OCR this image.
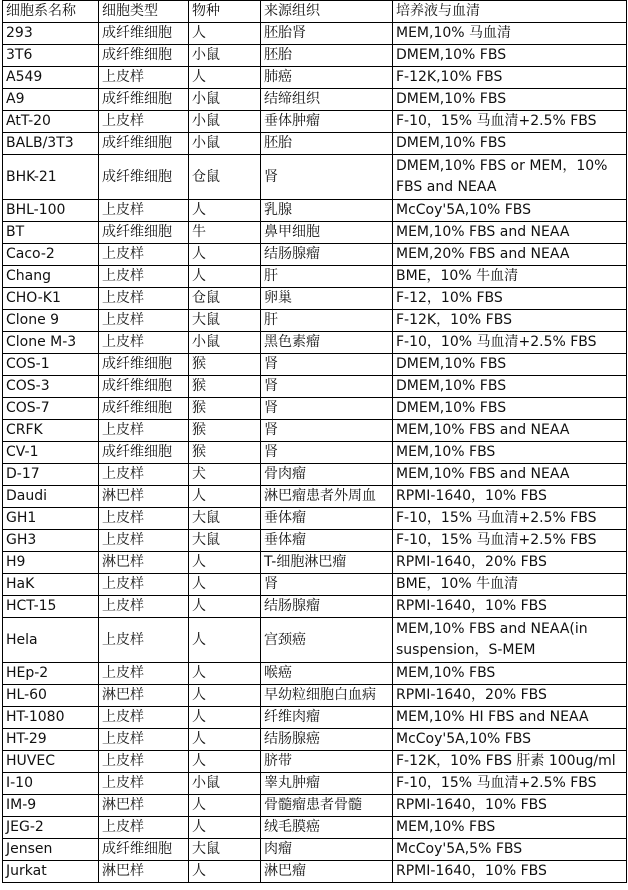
细胞系名称	细胞类型	物种	来源组织	培养液与血清
293	成纤维细胞	人	胚胎肾	MEM,10% 马血清
3T6	成纤维细胞	小鼠	胚胎	DMEM,10% FBS
A549	上皮样	人	肺癌	F-12K,10% FBS
A9	成纤维细胞	小鼠	结缔组织	DMEM,10% FBS
AtT-20	上皮样	小鼠	垂体肿瘤	F-10，15% 马血清+2.5% FBS
BALB/3T3	成纤维细胞	小鼠	胚胎	DMEM,10% FBS
BHK-21	成纤维细胞	仓鼠	肾	DMEM,10% FBS or MEM，10% FBS and NEAA
BHL-100	上皮样	人	乳腺	McCoy'5A,10% FBS
BT	成纤维细胞	牛	鼻甲细胞	MEM,10% FBS and NEAA
Caco-2	上皮样	人	结肠腺瘤	MEM,20% FBS and NEAA
Chang	上皮样	人	肝	BME，10% 牛血清
CHO-K1	上皮样	仓鼠	卵巢	F-12，10% FBS
Clone 9	上皮样	大鼠	肝	F-12K，10% FBS
Clone M-3	上皮样	小鼠	黑色素瘤	F-10，10% 马血清+2.5% FBS
COS-1	成纤维细胞	猴	肾	DMEM,10% FBS
COS-3	成纤维细胞	猴	肾	DMEM,10% FBS
COS-7	成纤维细胞	猴	肾	DMEM,10% FBS
CRFK	上皮样	猴	肾	MEM,10% FBS and NEAA
CV-1	成纤维细胞	猴	肾	MEM,10% FBS
D-17	上皮样	犬	骨肉瘤	MEM,10% FBS and NEAA
Daudi	淋巴样	人	淋巴瘤患者外周血	RPMI-1640，10% FBS
GH1	上皮样	大鼠	垂体瘤	F-10，15% 马血清+2.5% FBS
GH3	上皮样	大鼠	垂体瘤	F-10，15% 马血清+2.5% FBS
H9	淋巴样	人	T-细胞淋巴瘤	RPMI-1640，20% FBS
HaK	上皮样	人	肾	BME，10% 牛血清
HCT-15	上皮样	人	结肠腺瘤	RPMI-1640，10% FBS
Hela	上皮样	人	宫颈癌	MEM,10% FBS and NEAA(in suspension，S-MEM
HEp-2	上皮样	人	喉癌	MEM,10% FBS
HL-60	淋巴样	人	早幼粒细胞白血病	RPMI-1640，20% FBS
HT-1080	上皮样	人	纤维肉瘤	MEM,10% HI FBS and NEAA
HT-29	上皮样	人	结肠腺癌	McCoy'5A,10% FBS
HUVEC	上皮样	人	脐带	F-12K，10% FBS 肝素 100ug/ml
I-10	上皮样	小鼠	睾丸肿瘤	F-10，15% 马血清+2.5% FBS
IM-9	淋巴样	人	骨髓瘤患者骨髓	RPMI-1640，10% FBS
JEG-2	上皮样	人	绒毛膜癌	MEM,10% FBS
Jensen	成纤维细胞	大鼠	肉瘤	McCoy'5A,5% FBS
Jurkat	淋巴样	人	淋巴瘤	RPMI-1640，10% FBS
